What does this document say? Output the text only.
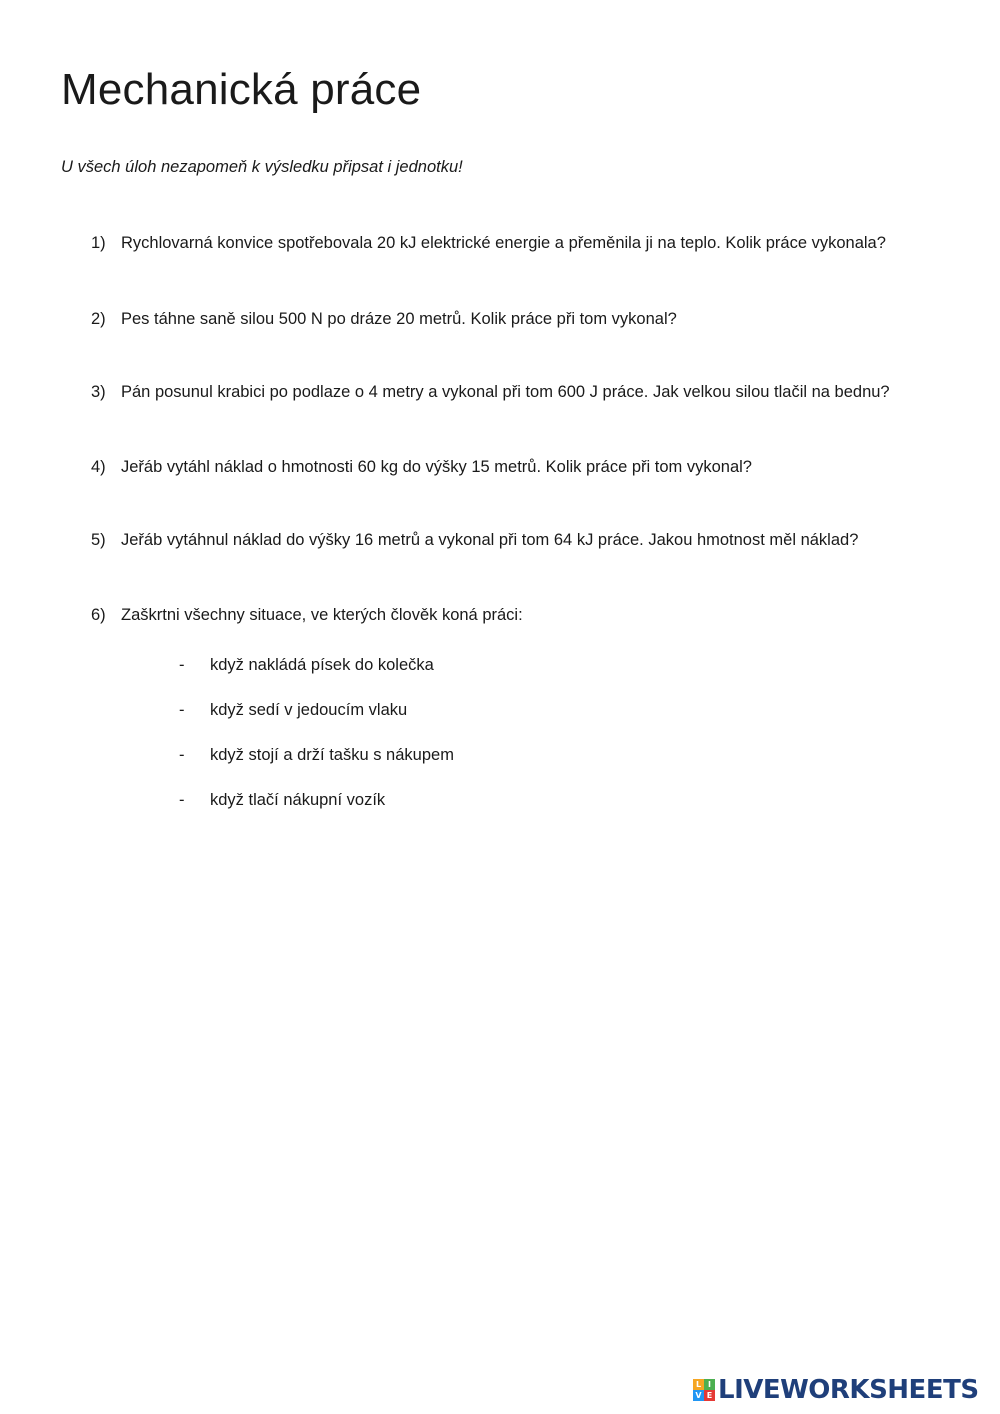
Mechanická práce
U všech úloh nezapomeň k výsledku připsat i jednotku!
1) Rychlovarná konvice spotřebovala 20 kJ elektrické energie a přeměnila ji na teplo. Kolik práce vykonala?
2) Pes táhne saně silou 500 N po dráze 20 metrů. Kolik práce při tom vykonal?
3) Pán posunul krabici po podlaze o 4 metry a vykonal při tom 600 J práce. Jak velkou silou tlačil na bednu?
4) Jeřáb vytáhl náklad o hmotnosti 60 kg do výšky 15 metrů. Kolik práce při tom vykonal?
5) Jeřáb vytáhnul náklad do výšky 16 metrů a vykonal při tom 64 kJ práce. Jakou hmotnost měl náklad?
6) Zaškrtni všechny situace, ve kterých člověk koná práci:
- když nakládá písek do kolečka
- když sedí v jedoucím vlaku
- když stojí a drží tašku s nákupem
- když tlačí nákupní vozík
L I
V E LIVEWORKSHEETS
